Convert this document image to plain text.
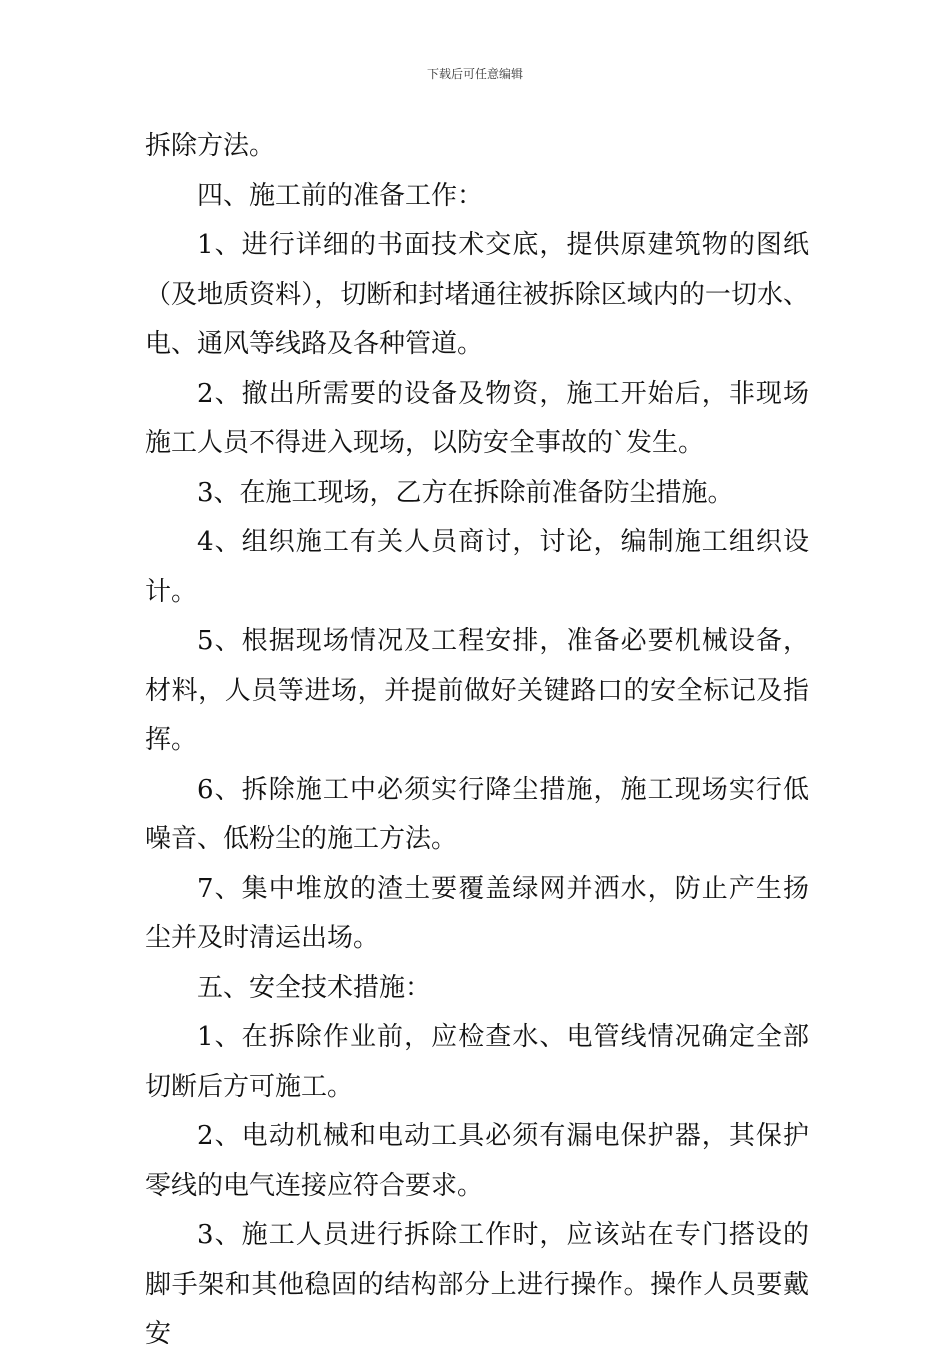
下载后可任意编辑

拆除方法。

四、施工前的准备工作：

1、进行详细的书面技术交底，提供原建筑物的图纸（及地质资料），切断和封堵通往被拆除区域内的一切水、电、通风等线路及各种管道。

2、撤出所需要的设备及物资，施工开始后，非现场施工人员不得进入现场，以防安全事故的`发生。

3、在施工现场，乙方在拆除前准备防尘措施。

4、组织施工有关人员商讨，讨论，编制施工组织设计。

5、根据现场情况及工程安排，准备必要机械设备，材料，人员等进场，并提前做好关键路口的安全标记及指挥。

6、拆除施工中必须实行降尘措施，施工现场实行低噪音、低粉尘的施工方法。

7、集中堆放的渣土要覆盖绿网并洒水，防止产生扬尘并及时清运出场。

五、安全技术措施：

1、在拆除作业前，应检查水、电管线情况确定全部切断后方可施工。

2、电动机械和电动工具必须有漏电保护器，其保护零线的电气连接应符合要求。

3、施工人员进行拆除工作时，应该站在专门搭设的脚手架和其他稳固的结构部分上进行操作。操作人员要戴安
